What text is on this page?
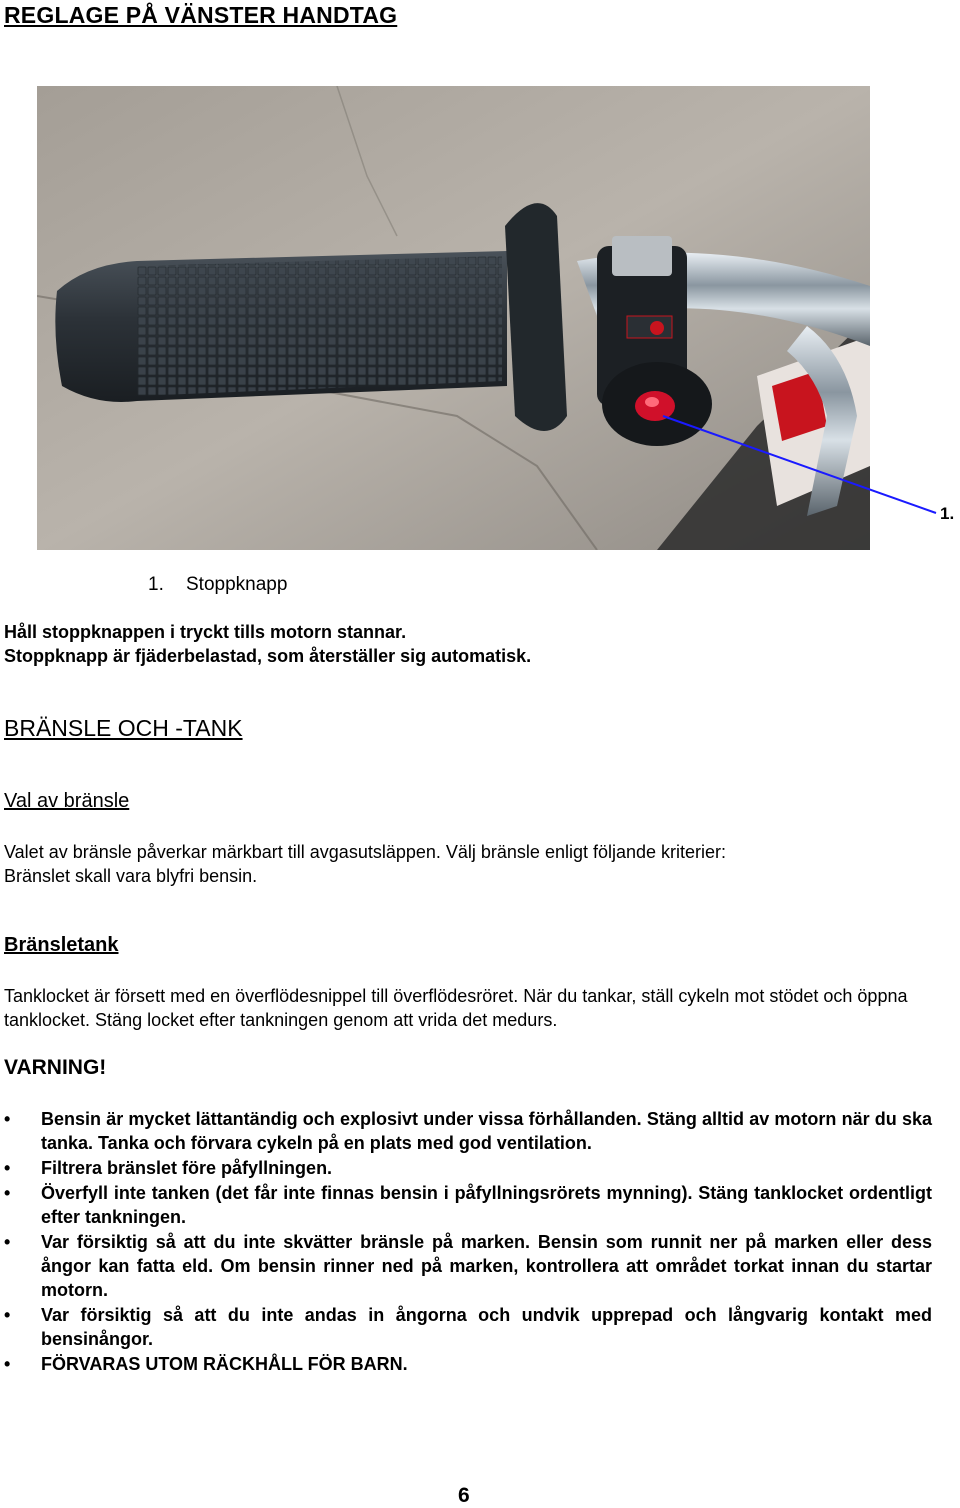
REGLAGE PÅ VÄNSTER HANDTAG
1.
1. Stoppknapp
Håll stoppknappen i tryckt tills motorn stannar.
Stoppknapp är fjäderbelastad, som återställer sig automatisk.
BRÄNSLE OCH -TANK
Val av bränsle
Valet av bränsle påverkar märkbart till avgasutsläppen. Välj bränsle enligt följande kriterier:
Bränslet skall vara blyfri bensin.
Bränsletank
Tanklocket är försett med en överflödesnippel till överflödesröret. När du tankar, ställ cykeln mot stödet och öppna tanklocket. Stäng locket efter tankningen genom att vrida det medurs.
VARNING!
• Bensin är mycket lättantändig och explosivt under vissa förhållanden. Stäng alltid av motorn när du ska tanka. Tanka och förvara cykeln på en plats med god ventilation.
• Filtrera bränslet före påfyllningen.
• Överfyll inte tanken (det får inte finnas bensin i påfyllningsrörets mynning). Stäng tanklocket ordentligt efter tankningen.
• Var försiktig så att du inte skvätter bränsle på marken. Bensin som runnit ner på marken eller dess ångor kan fatta eld. Om bensin rinner ned på marken, kontrollera att området torkat innan du startar motorn.
• Var försiktig så att du inte andas in ångorna och undvik upprepad och långvarig kontakt med bensinångor.
• FÖRVARAS UTOM RÄCKHÅLL FÖR BARN.
6
